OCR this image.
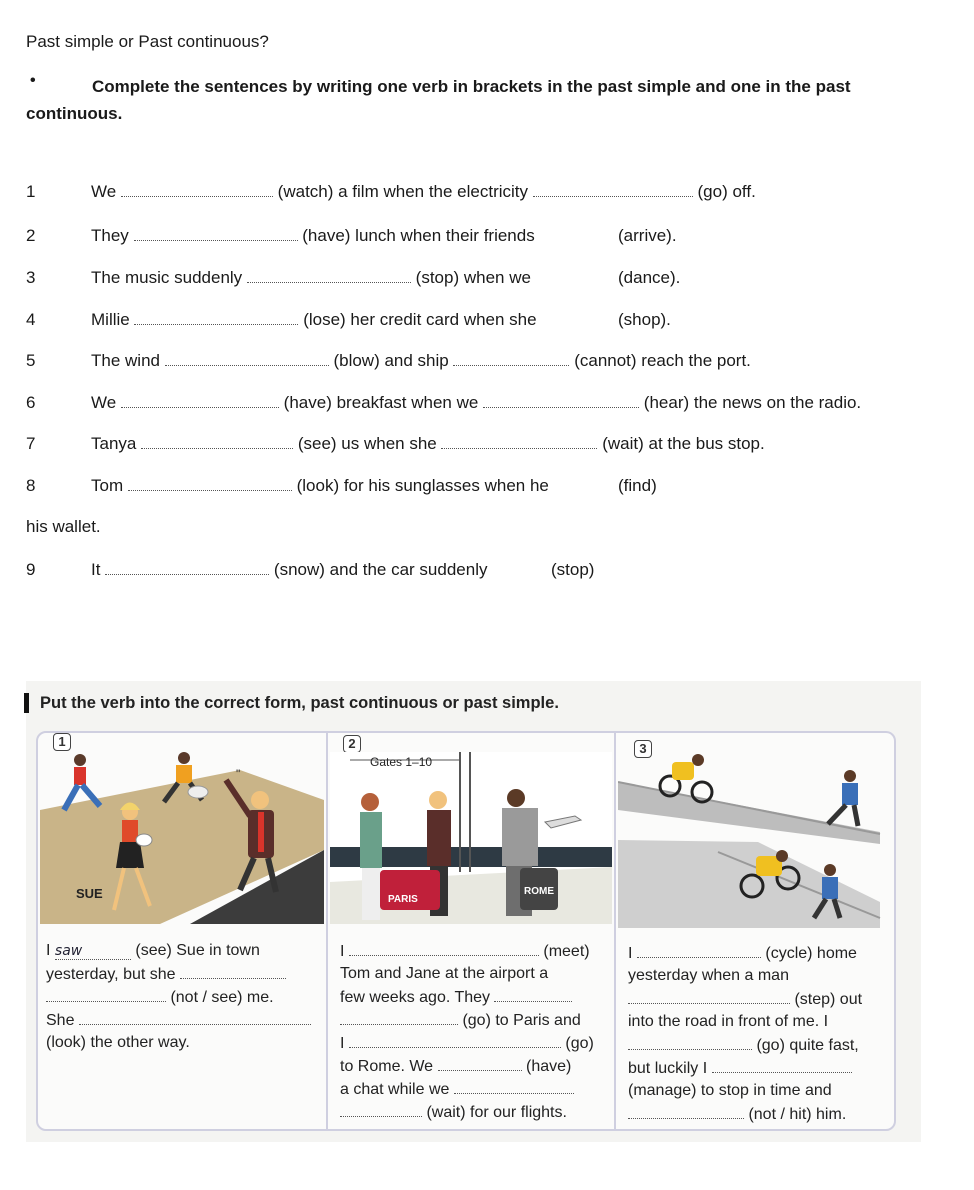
Past simple or Past continuous?
•	Complete the sentences by writing one verb in brackets in the past simple and one in the past continuous.
1	We	(watch) a film when the electricity	(go) off.
2	They	(have) lunch when their friends	(arrive).
3	The music suddenly	(stop) when we	(dance).
4	Millie	(lose) her credit card when she	(shop).
5	The wind	(blow) and ship	(cannot) reach the port.
6	We	(have) breakfast when we	(hear) the news on the radio.
7	Tanya	(see) us when she	(wait) at the bus stop.
8	Tom	(look) for his sunglasses when he	(find)
his wallet.
9	It	(snow) and the car suddenly	(stop)
Put the verb into the correct form, past continuous or past simple.
1	2	3
"
SUE
Gates 1–10
PARIS
ROME
I saw	(see) Sue in town
yesterday, but she
(not / see) me.
She
(look) the other way.
I	(meet)
Tom and Jane at the airport a
few weeks ago. They
(go) to Paris and
I	(go)
to Rome. We	(have)
a chat while we
(wait) for our flights.
I	(cycle) home
yesterday when a man
(step) out
into the road in front of me. I
(go) quite fast,
but luckily I
(manage) to stop in time and
(not / hit) him.
